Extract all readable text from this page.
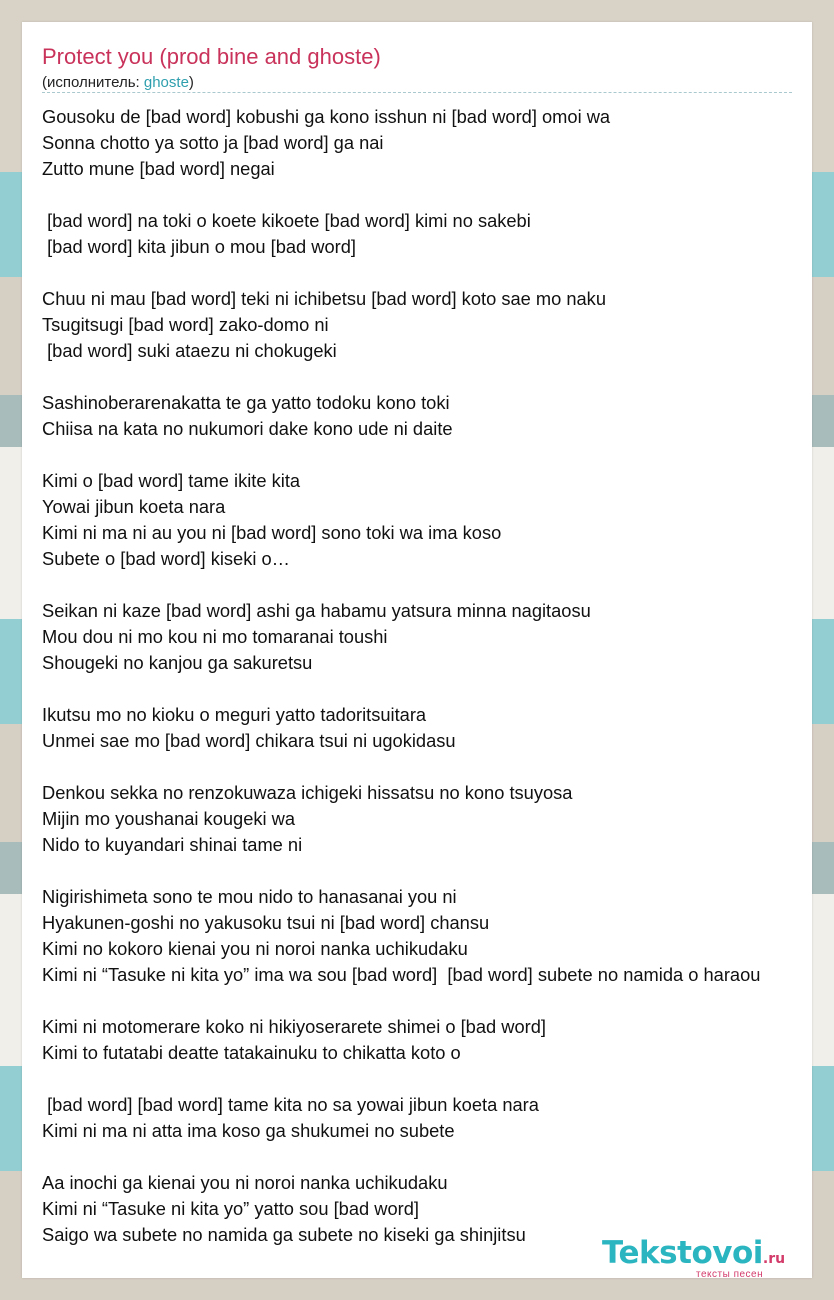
Protect you (prod bine and ghoste)
(исполнитель: ghoste)
Gousoku de [bad word] kobushi ga kono isshun ni [bad word] omoi wa
Sonna chotto ya sotto ja [bad word] ga nai
Zutto mune [bad word] negai
[bad word] na toki o koete kikoete [bad word] kimi no sakebi
[bad word] kita jibun o mou [bad word]
Chuu ni mau [bad word] teki ni ichibetsu [bad word] koto sae mo naku
Tsugitsugi [bad word] zako-domo ni
[bad word] suki ataezu ni chokugeki
Sashinoberarenakatta te ga yatto todoku kono toki
Chiisa na kata no nukumori dake kono ude ni daite
Kimi o [bad word] tame ikite kita
Yowai jibun koeta nara
Kimi ni ma ni au you ni [bad word] sono toki wa ima koso
Subete o [bad word] kiseki o…
Seikan ni kaze [bad word] ashi ga habamu yatsura minna nagitaosu
Mou dou ni mo kou ni mo tomaranai toushi
Shougeki no kanjou ga sakuretsu
Ikutsu mo no kioku o meguri yatto tadoritsuitara
Unmei sae mo [bad word] chikara tsui ni ugokidasu
Denkou sekka no renzokuwaza ichigeki hissatsu no kono tsuyosa
Mijin mo youshanai kougeki wa
Nido to kuyandari shinai tame ni
Nigirishimeta sono te mou nido to hanasanai you ni
Hyakunen-goshi no yakusoku tsui ni [bad word] chansu
Kimi no kokoro kienai you ni noroi nanka uchikudaku
Kimi ni “Tasuke ni kita yo” ima wa sou [bad word]  [bad word] subete no namida o haraou
Kimi ni motomerare koko ni hikiyoserarete shimei o [bad word]
Kimi to futatabi deatte tatakainuku to chikatta koto o
[bad word] [bad word] tame kita no sa yowai jibun koeta nara
Kimi ni ma ni atta ima koso ga shukumei no subete
Aa inochi ga kienai you ni noroi nanka uchikudaku
Kimi ni “Tasuke ni kita yo” yatto sou [bad word]
Saigo wa subete no namida ga subete no kiseki ga shinjitsu
Tekstovoi.ru
тексты песен
